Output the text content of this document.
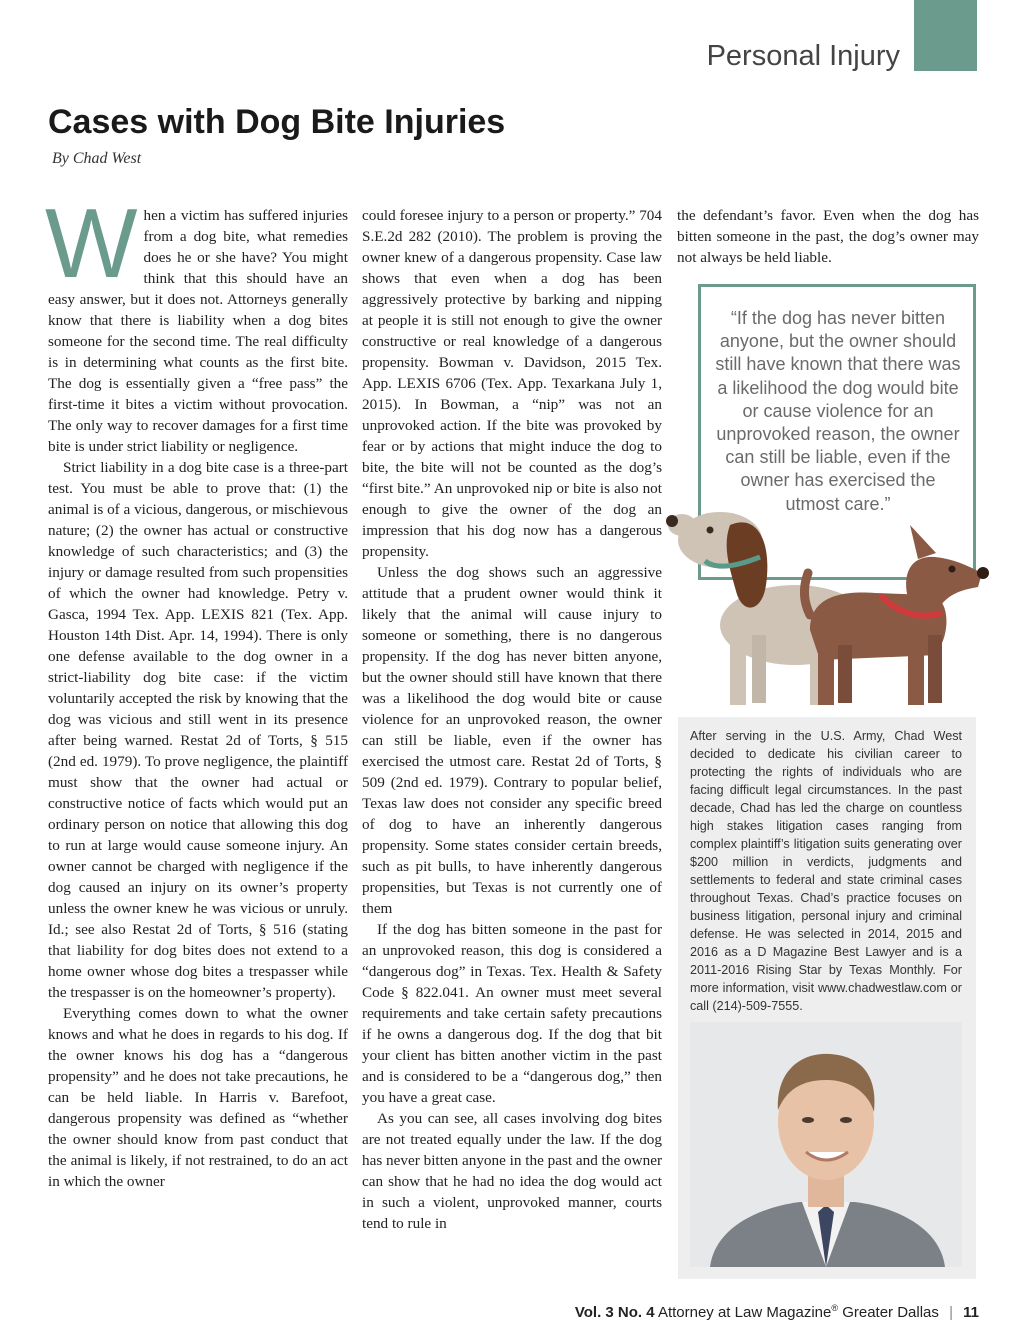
Personal Injury
Cases with Dog Bite Injuries
By Chad West

When a victim has suffered injuries from a dog bite, what remedies does he or she have? You might think that this should have an easy answer, but it does not. Attorneys generally know that there is liability when a dog bites someone for the second time. The real difficulty is in determining what counts as the first bite. The dog is essentially given a “free pass” the first-time it bites a victim without provocation. The only way to recover damages for a first time bite is under strict liability or negligence.

Strict liability in a dog bite case is a three-part test. You must be able to prove that: (1) the animal is of a vicious, dangerous, or mischievous nature; (2) the owner has actual or constructive knowledge of such characteristics; and (3) the injury or damage resulted from such propensities of which the owner had knowledge. Petry v. Gasca, 1994 Tex. App. LEXIS 821 (Tex. App. Houston 14th Dist. Apr. 14, 1994). There is only one defense available to the dog owner in a strict-liability dog bite case: if the victim voluntarily accepted the risk by knowing that the dog was vicious and still went in its presence after being warned. Restat 2d of Torts, § 515 (2nd ed. 1979). To prove negligence, the plaintiff must show that the owner had actual or constructive notice of facts which would put an ordinary person on notice that allowing this dog to run at large would cause someone injury. An owner cannot be charged with negligence if the dog caused an injury on its owner’s property unless the owner knew he was vicious or unruly. Id.; see also Restat 2d of Torts, § 516 (stating that liability for dog bites does not extend to a home owner whose dog bites a trespasser while the trespasser is on the homeowner’s property).

Everything comes down to what the owner knows and what he does in regards to his dog. If the owner knows his dog has a “dangerous propensity” and he does not take precautions, he can be held liable. In Harris v. Barefoot, dangerous propensity was defined as “whether the owner should know from past conduct that the animal is likely, if not restrained, to do an act in which the owner

could foresee injury to a person or property.” 704 S.E.2d 282 (2010). The problem is proving the owner knew of a dangerous propensity. Case law shows that even when a dog has been aggressively protective by barking and nipping at people it is still not enough to give the owner constructive or real knowledge of a dangerous propensity. Bowman v. Davidson, 2015 Tex. App. LEXIS 6706 (Tex. App. Texarkana July 1, 2015). In Bowman, a “nip” was not an unprovoked action. If the bite was provoked by fear or by actions that might induce the dog to bite, the bite will not be counted as the dog’s “first bite.” An unprovoked nip or bite is also not enough to give the owner of the dog an impression that his dog now has a dangerous propensity.

Unless the dog shows such an aggressive attitude that a prudent owner would think it likely that the animal will cause injury to someone or something, there is no dangerous propensity. If the dog has never bitten anyone, but the owner should still have known that there was a likelihood the dog would bite or cause violence for an unprovoked reason, the owner can still be liable, even if the owner has exercised the utmost care. Restat 2d of Torts, § 509 (2nd ed. 1979). Contrary to popular belief, Texas law does not consider any specific breed of dog to have an inherently dangerous propensity. Some states consider certain breeds, such as pit bulls, to have inherently dangerous propensities, but Texas is not currently one of them

If the dog has bitten someone in the past for an unprovoked reason, this dog is considered a “dangerous dog” in Texas. Tex. Health & Safety Code § 822.041. An owner must meet several requirements and take certain safety precautions if he owns a dangerous dog. If the dog that bit your client has bitten another victim in the past and is considered to be a “dangerous dog,” then you have a great case.

As you can see, all cases involving dog bites are not treated equally under the law. If the dog has never bitten anyone in the past and the owner can show that he had no idea the dog would act in such a violent, unprovoked manner, courts tend to rule in

the defendant’s favor. Even when the dog has bitten someone in the past, the dog’s owner may not always be held liable.

“If the dog has never bitten anyone, but the owner should still have known that there was a likelihood the dog would bite or cause violence for an unprovoked reason, the owner can still be liable, even if the owner has exercised the utmost care.”
After serving in the U.S. Army, Chad West decided to dedicate his civilian career to protecting the rights of individuals who are facing difficult legal circumstances. In the past decade, Chad has led the charge on countless high stakes litigation cases ranging from complex plaintiff’s litigation suits generating over $200 million in verdicts, judgments and settlements to federal and state criminal cases throughout Texas. Chad’s practice focuses on business litigation, personal injury and criminal defense. He was selected in 2014, 2015 and 2016 as a D Magazine Best Lawyer and is a 2011-2016 Rising Star by Texas Monthly. For more information, visit www.chadwestlaw.com or call (214)-509-7555.
Vol. 3 No. 4 Attorney at Law Magazine® Greater Dallas | 11
